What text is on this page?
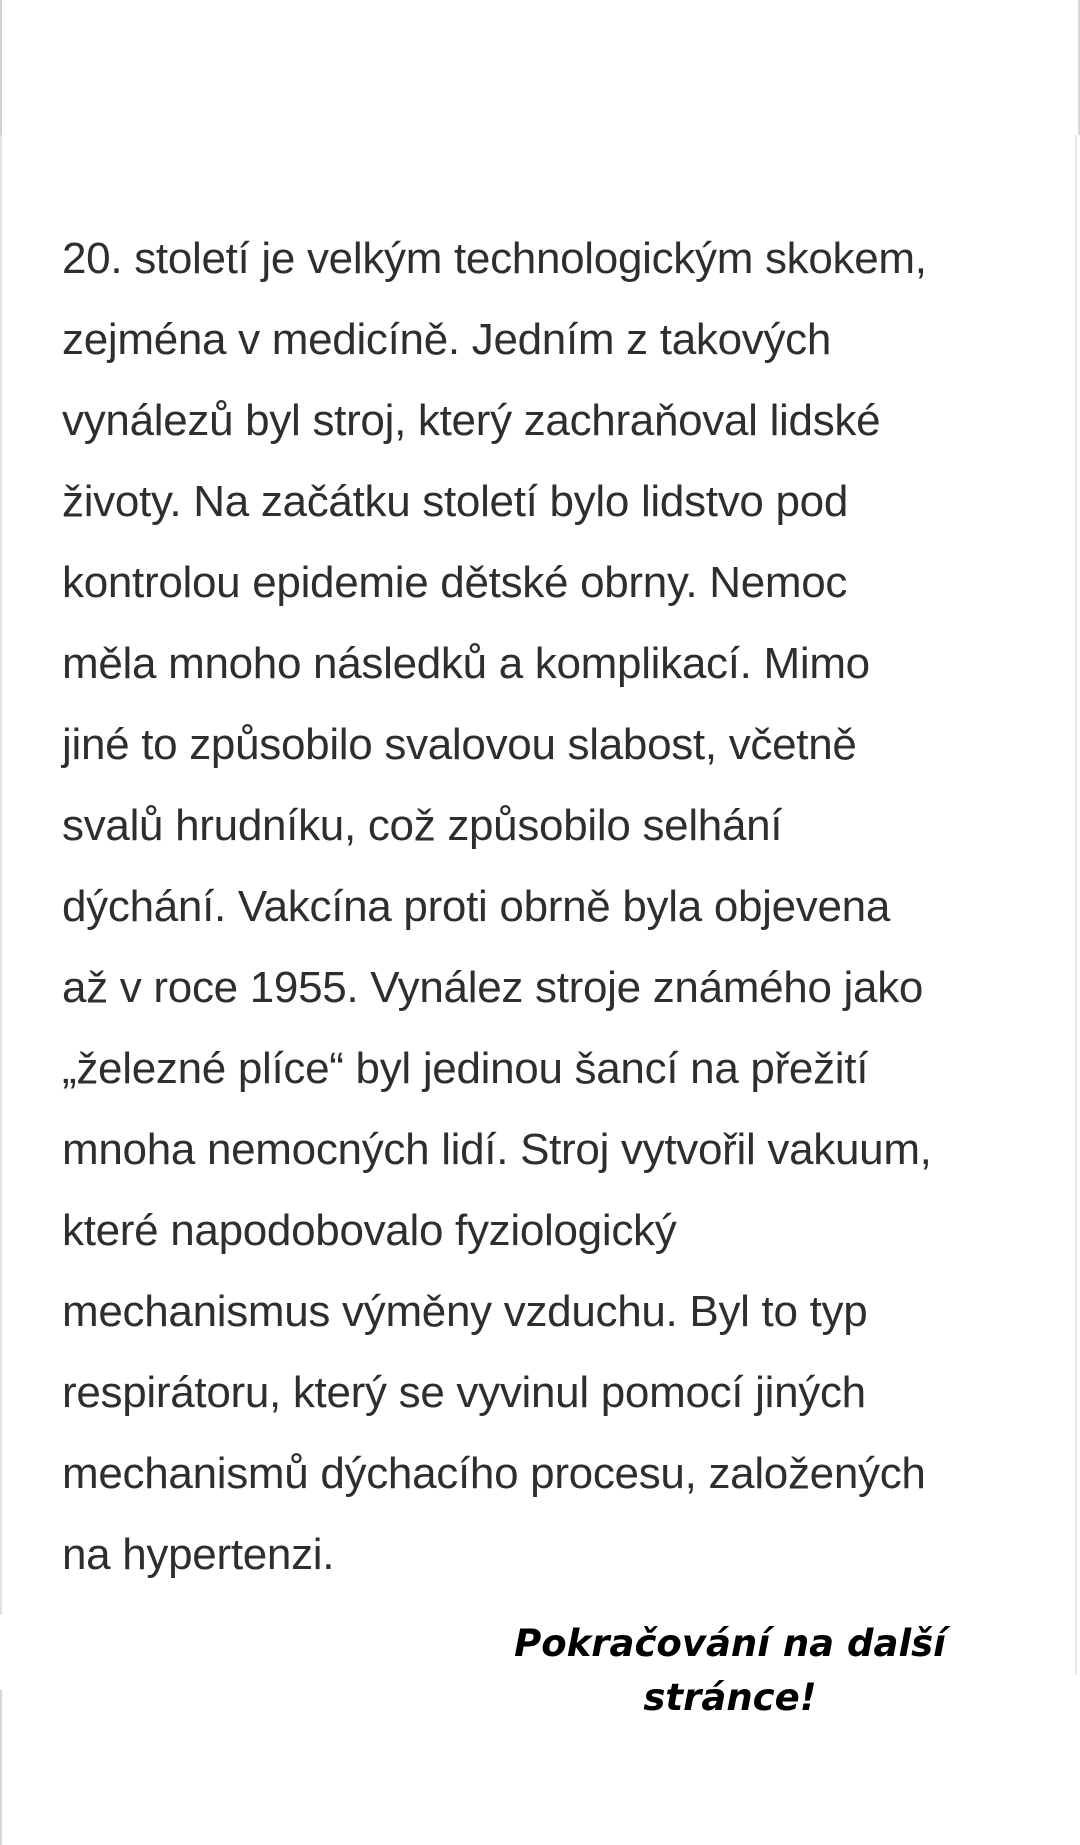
20. století je velkým technologickým skokem,
zejména v medicíně. Jedním z takových
vynálezů byl stroj, který zachraňoval lidské
životy. Na začátku století bylo lidstvo pod
kontrolou epidemie dětské obrny. Nemoc
měla mnoho následků a komplikací. Mimo
jiné to způsobilo svalovou slabost, včetně
svalů hrudníku, což způsobilo selhání
dýchání. Vakcína proti obrně byla objevena
až v roce 1955. Vynález stroje známého jako
„železné plíce“ byl jedinou šancí na přežití
mnoha nemocných lidí. Stroj vytvořil vakuum,
které napodobovalo fyziologický
mechanismus výměny vzduchu. Byl to typ
respirátoru, který se vyvinul pomocí jiných
mechanismů dýchacího procesu, založených
na hypertenzi.
Pokračování na další
stránce!
